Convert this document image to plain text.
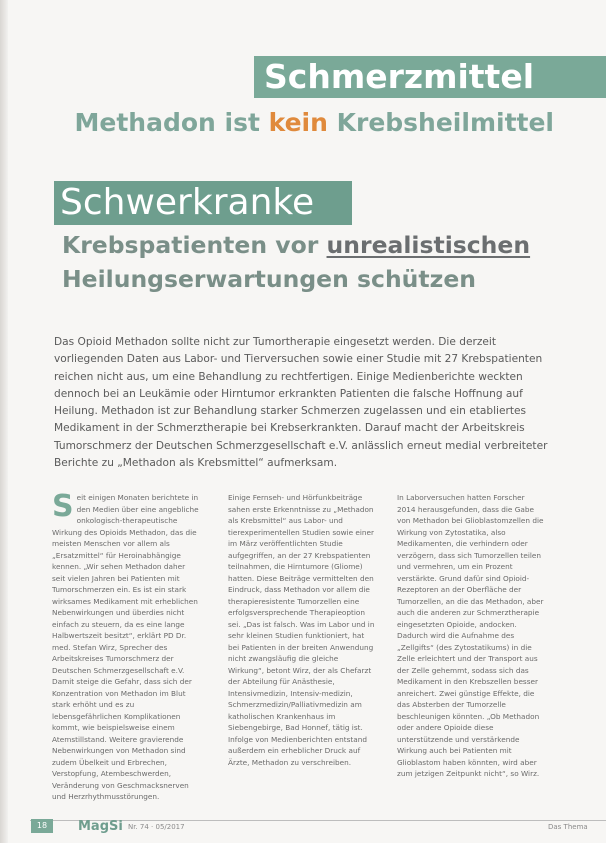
Schmerzmittel
Methadon ist kein Krebsheilmittel
Schwerkranke
Krebspatienten vor unrealistischen
Heilungserwartungen schützen

Das Opioid Methadon sollte nicht zur Tumortherapie eingesetzt werden. Die derzeit vorliegenden Daten aus Labor- und Tierversuchen sowie einer Studie mit 27 Krebspatienten reichen nicht aus, um eine Behandlung zu rechtfertigen. Einige Medienberichte weckten dennoch bei an Leukämie oder Hirntumor erkrankten Patienten die falsche Hoffnung auf Heilung. Methadon ist zur Behandlung starker Schmerzen zugelassen und ein etabliertes Medikament in der Schmerztherapie bei Krebserkrankten. Darauf macht der Arbeitskreis Tumorschmerz der Deutschen Schmerzgesellschaft e.V. anlässlich erneut medial verbreiteter Berichte zu „Methadon als Krebsmittel“ aufmerksam.

S eit einigen Monaten berichtete in den Medien über eine angebliche onkologisch-therapeutische Wirkung des Opioids Methadon, das die meisten Menschen vor allem als „Ersatzmittel“ für Heroinabhängige kennen. „Wir sehen Methadon daher seit vielen Jahren bei Patienten mit Tumorschmerzen ein. Es ist ein stark wirksames Medikament mit erheblichen Nebenwirkungen und überdies nicht einfach zu steuern, da es eine lange Halbwertszeit besitzt“, erklärt PD Dr. med. Stefan Wirz, Sprecher des Arbeitskreises Tumorschmerz der Deutschen Schmerzgesellschaft e.V. Damit steige die Gefahr, dass sich der Konzentration von Methadon im Blut stark erhöht und es zu lebensgefährlichen Komplikationen kommt, wie beispielsweise einem Atemstillstand. Weitere gravierende Nebenwirkungen von Methadon sind zudem Übelkeit und Erbrechen, Verstopfung, Atembeschwerden, Veränderung von Geschmacksnerven und Herzrhythmusstörungen.

Einige Fernseh- und Hörfunkbeiträge sahen erste Erkenntnisse zu „Methadon als Krebsmittel“ aus Labor- und tierexperimentellen Studien sowie einer im März veröffentlichten Studie aufgegriffen, an der 27 Krebspatienten teilnahmen, die Hirntumore (Gliome) hatten. Diese Beiträge vermittelten den Eindruck, dass Methadon vor allem die therapieresistente Tumorzellen eine erfolgsversprechende Therapieoption sei. „Das ist falsch. Was im Labor und in sehr kleinen Studien funktioniert, hat bei Patienten in der breiten Anwendung nicht zwangsläufig die gleiche Wirkung“, betont Wirz, der als Chefarzt der Abteilung für Anästhesie, Intensivmedizin, Intensiv-medizin, Schmerzmedizin/Palliativmedizin am katholischen Krankenhaus im Siebengebirge, Bad Honnef, tätig ist. Infolge von Medienberichten entstand außerdem ein erheblicher Druck auf Ärzte, Methadon zu verschreiben.

In Laborversuchen hatten Forscher 2014 herausgefunden, dass die Gabe von Methadon bei Glioblastomzellen die Wirkung von Zytostatika, also Medikamenten, die verhindern oder verzögern, dass sich Tumorzellen teilen und vermehren, um ein Prozent verstärkte. Grund dafür sind Opioid-Rezeptoren an der Oberfläche der Tumorzellen, an die das Methadon, aber auch die anderen zur Schmerztherapie eingesetzten Opioide, andocken. Dadurch wird die Aufnahme des „Zellgifts“ (des Zytostatikums) in die Zelle erleichtert und der Transport aus der Zelle gehemmt, sodass sich das Medikament in den Krebszellen besser anreichert. Zwei günstige Effekte, die das Absterben der Tumorzelle beschleunigen könnten. „Ob Methadon oder andere Opioide diese unterstützende und verstärkende Wirkung auch bei Patienten mit Glioblastom haben könnten, wird aber zum jetzigen Zeitpunkt nicht“, so Wirz.

18	MagSi Nr. 74 · 05/2017	Das Thema
